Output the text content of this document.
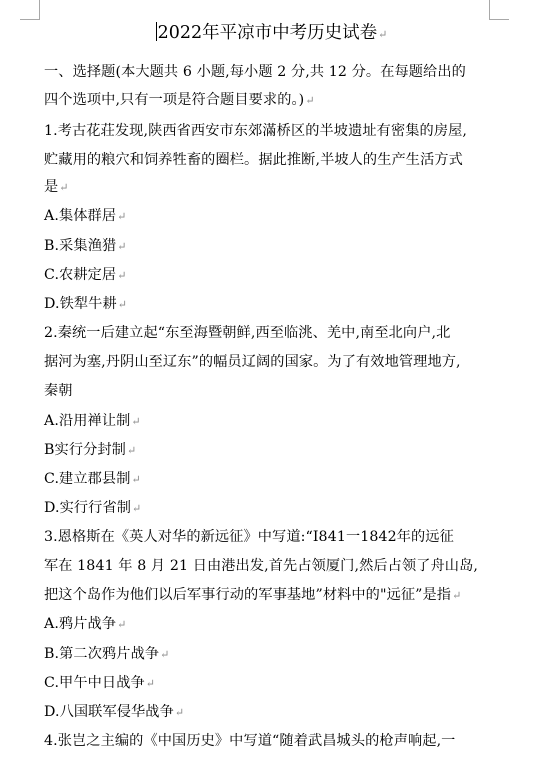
2022年平凉市中考历史试卷↵
一、选择题(本大题共 6 小题,每小题 2 分,共 12 分。在每题给出的
四个选项中,只有一项是符合题目要求的。)↵
1.考古花荘发现,陕西省西安市东郊滿桥区的半坡遗址有密集的房屋,
贮藏用的粮穴和饲养牲畜的圈栏。据此推断,半坡人的生产生活方式
是↵
A.集体群居↵
B.采集渔猎↵
C.农耕定居↵
D.铁犁牛耕↵
2.秦统一后建立起“东至海暨朝鲜,西至临洮、羌中,南至北向户,北
据河为塞,丹阴山至辽东”的幅员辽阔的国家。为了有效地管理地方,
秦朝
A.沿用禅让制↵
B实行分封制↵
C.建立郡县制↵
D.实行行省制↵
3.恩格斯在《英人对华的新远征》中写道:“I841一1842年的远征
军在 1841 年 8 月 21 日由港出发,首先占领厦门,然后占领了舟山岛,
把这个岛作为他们以后军事行动的军事基地”材料中的"远征”是指↵
A.鸦片战争↵
B.第二次鸦片战争↵
C.甲午中日战争↵
D.八国联军侵华战争↵
4.张岂之主编的《中国历史》中写道“随着武昌城头的枪声响起,一
